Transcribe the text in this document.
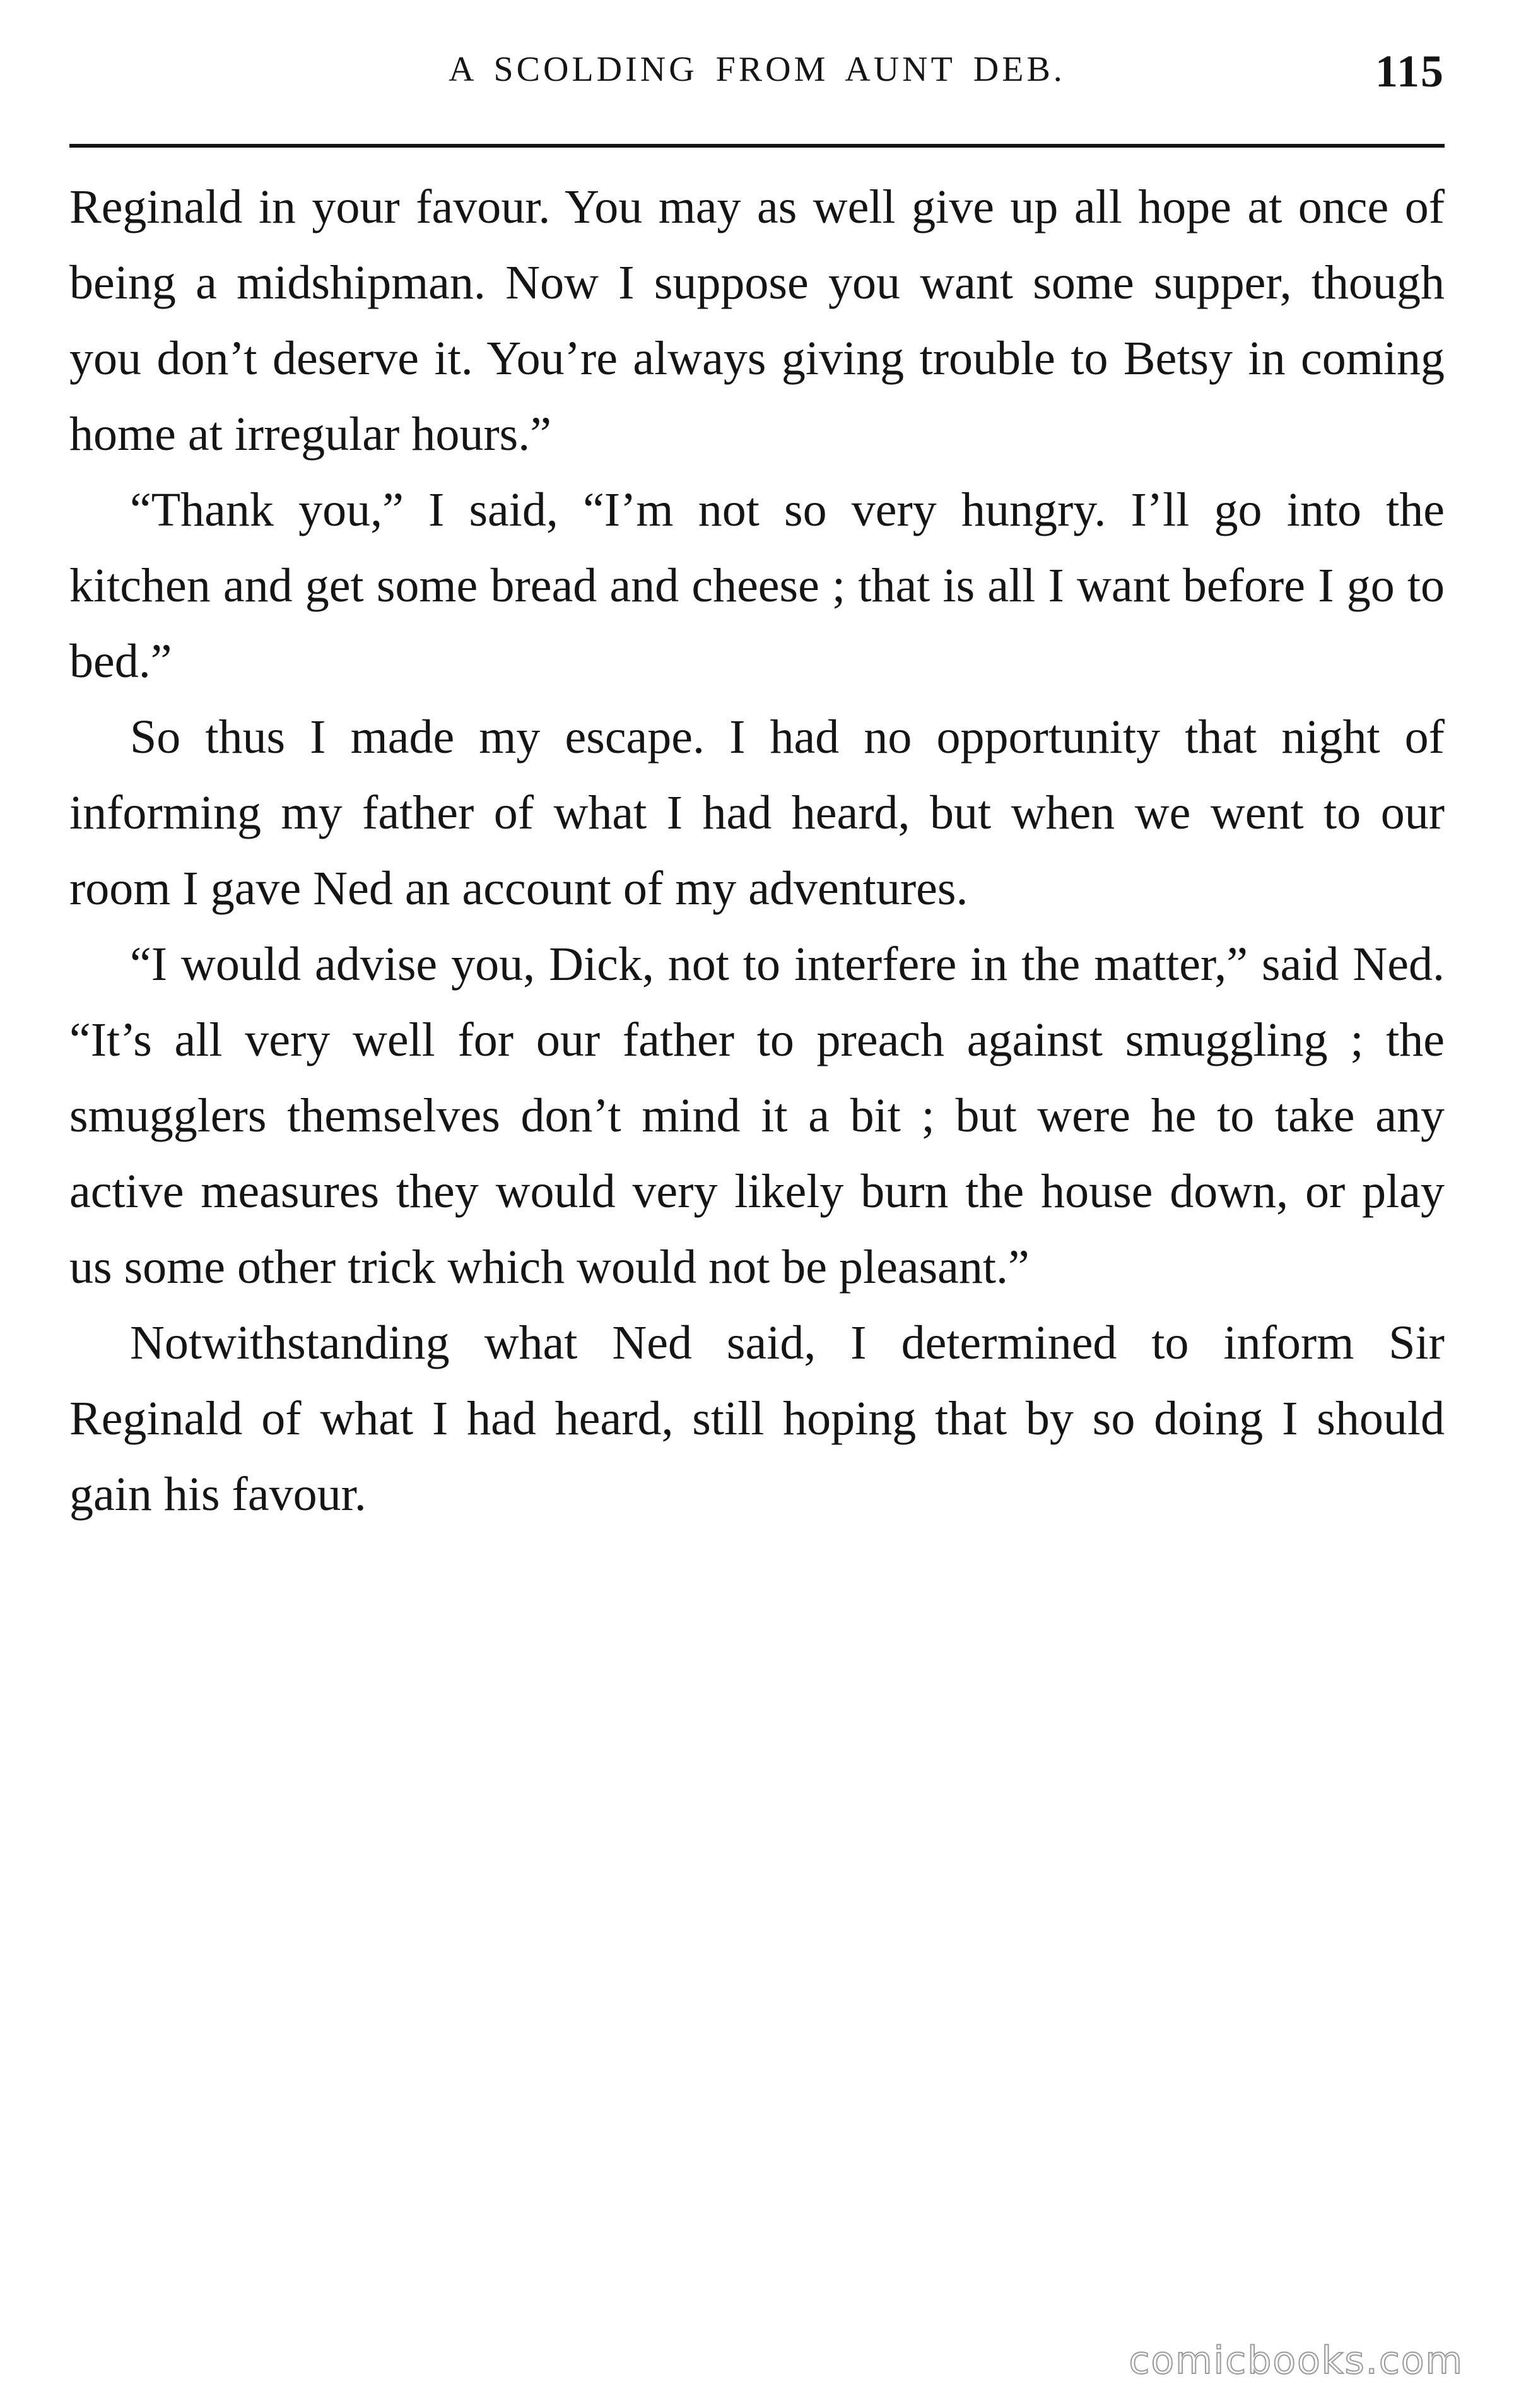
A SCOLDING FROM AUNT DEB.	115

Reginald in your favour. You may as well give up all hope at once of being a midshipman. Now I suppose you want some supper, though you don’t deserve it. You’re always giving trouble to Betsy in coming home at irregular hours.”

“Thank you,” I said, “I’m not so very hungry. I’ll go into the kitchen and get some bread and cheese ; that is all I want before I go to bed.”

So thus I made my escape. I had no opportunity that night of informing my father of what I had heard, but when we went to our room I gave Ned an account of my adventures.

“I would advise you, Dick, not to interfere in the matter,” said Ned. “It’s all very well for our father to preach against smuggling ; the smugglers themselves don’t mind it a bit ; but were he to take any active measures they would very likely burn the house down, or play us some other trick which would not be pleasant.”

Notwithstanding what Ned said, I determined to inform Sir Reginald of what I had heard, still hoping that by so doing I should gain his favour.

comicbooks.com
